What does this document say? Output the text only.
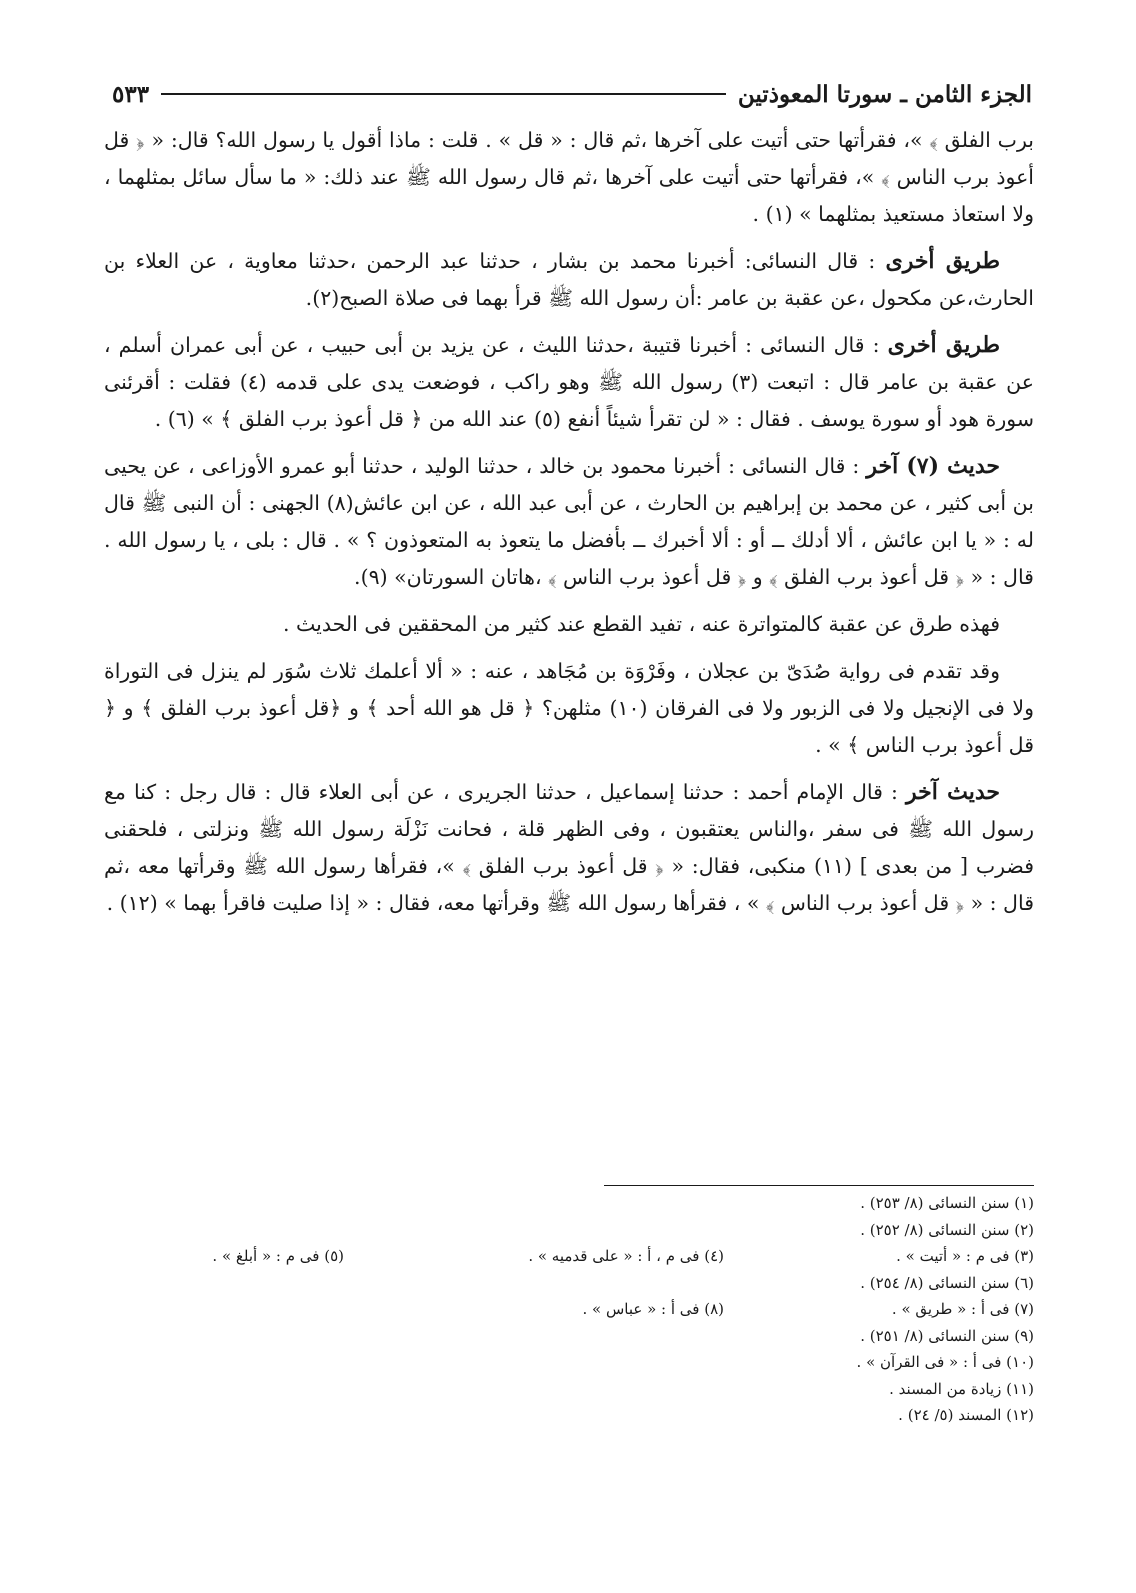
الجزء الثامن ـ سورتا المعوذتين
٥٣٣

برب الفلق ﴾ »، فقرأتها حتى أتيت على آخرها ،ثم قال : « قل » . قلت : ماذا أقول يا رسول الله؟ قال: « ﴿ قل أعوذ برب الناس ﴾ »، فقرأتها حتى أتيت على آخرها ،ثم قال رسول الله ﷺ عند ذلك: « ما سأل سائل بمثلهما ، ولا استعاذ مستعيذ بمثلهما » (١) .

طريق أخرى : قال النسائى: أخبرنا محمد بن بشار ، حدثنا عبد الرحمن ،حدثنا معاوية ، عن العلاء بن الحارث،عن مكحول ،عن عقبة بن عامر :أن رسول الله ﷺ قرأ بهما فى صلاة الصبح(٢).

طريق أخرى : قال النسائى : أخبرنا قتيبة ،حدثنا الليث ، عن يزيد بن أبى حبيب ، عن أبى عمران أسلم ، عن عقبة بن عامر قال : اتبعت (٣) رسول الله ﷺ وهو راكب ، فوضعت يدى على قدمه (٤) فقلت : أقرئنى سورة هود أو سورة يوسف . فقال : « لن تقرأ شيئاً أنفع (٥) عند الله من ﴿ قل أعوذ برب الفلق ﴾ » (٦) .

حديث (٧) آخر : قال النسائى : أخبرنا محمود بن خالد ، حدثنا الوليد ، حدثنا أبو عمرو الأوزاعى ، عن يحيى بن أبى كثير ، عن محمد بن إبراهيم بن الحارث ، عن أبى عبد الله ، عن ابن عائش(٨) الجهنى : أن النبى ﷺ قال له : « يا ابن عائش ، ألا أدلك ــ أو : ألا أخبرك ــ بأفضل ما يتعوذ به المتعوذون ؟ » . قال : بلى ، يا رسول الله . قال : « ﴿ قل أعوذ برب الفلق ﴾ و ﴿ قل أعوذ برب الناس ﴾ ،هاتان السورتان» (٩).

فهذه طرق عن عقبة كالمتواترة عنه ، تفيد القطع عند كثير من المحققين فى الحديث .

وقد تقدم فى رواية صُدَىّ بن عجلان ، وفَرْوَة بن مُجَاهد ، عنه : « ألا أعلمك ثلاث سُوَر لم ينزل فى التوراة ولا فى الإنجيل ولا فى الزبور ولا فى الفرقان (١٠) مثلهن؟ ﴿ قل هو الله أحد ﴾ و ﴿قل أعوذ برب الفلق ﴾ و ﴿ قل أعوذ برب الناس ﴾ » .

حديث آخر : قال الإمام أحمد : حدثنا إسماعيل ، حدثنا الجريرى ، عن أبى العلاء قال : قال رجل : كنا مع رسول الله ﷺ فى سفر ،والناس يعتقبون ، وفى الظهر قلة ، فحانت نَزْلَة رسول الله ﷺ ونزلتى ، فلحقنى فضرب [ من بعدى ] (١١) منكبى، فقال: « ﴿ قل أعوذ برب الفلق ﴾ »، فقرأها رسول الله ﷺ وقرأتها معه ،ثم قال : « ﴿ قل أعوذ برب الناس ﴾ » ، فقرأها رسول الله ﷺ وقرأتها معه، فقال : « إذا صليت فاقرأ بهما » (١٢) .

(١) سنن النسائى (٨/ ٢٥٣) .
(٢) سنن النسائى (٨/ ٢٥٢) .
(٣) فى م : « أتيت » .
(٤) فى م ، أ : « على قدميه » .
(٥) فى م : « أبلغ » .
(٦) سنن النسائى (٨/ ٢٥٤) .
(٧) فى أ : « طريق » .
(٨) فى أ : « عباس » .
(٩) سنن النسائى (٨/ ٢٥١) .
(١٠) فى أ : « فى القرآن » .
(١١) زيادة من المسند .
(١٢) المسند (٥/ ٢٤) .
